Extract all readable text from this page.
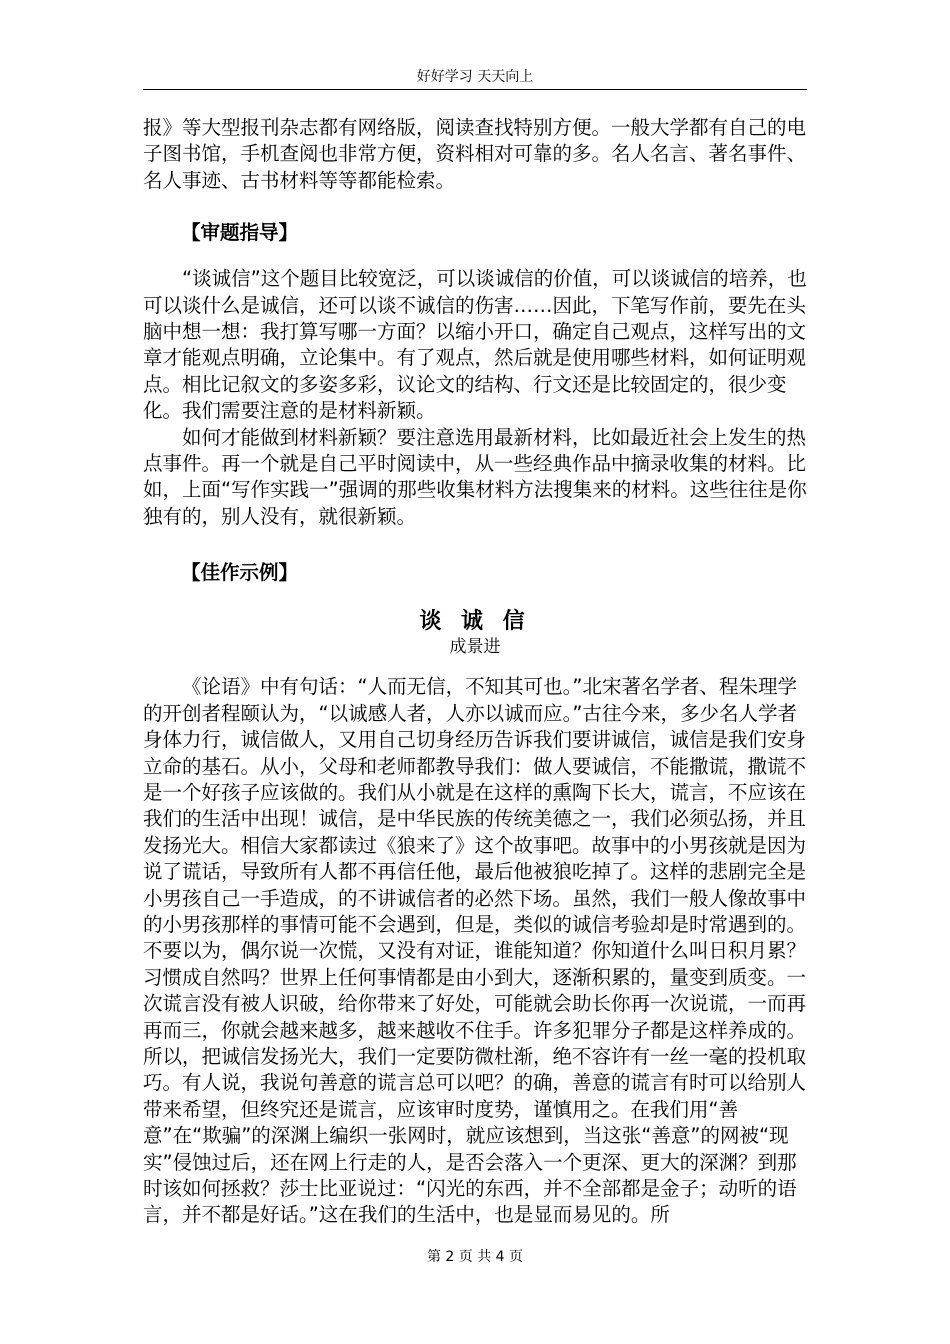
好好学习 天天向上

报》等大型报刊杂志都有网络版，阅读查找特别方便。一般大学都有自己的电子图书馆，手机查阅也非常方便，资料相对可靠的多。名人名言、著名事件、名人事迹、古书材料等等都能检索。

【审题指导】

“谈诚信”这个题目比较宽泛，可以谈诚信的价值，可以谈诚信的培养，也可以谈什么是诚信，还可以谈不诚信的伤害……因此，下笔写作前，要先在头脑中想一想：我打算写哪一方面？以缩小开口，确定自己观点，这样写出的文章才能观点明确，立论集中。有了观点，然后就是使用哪些材料，如何证明观点。相比记叙文的多姿多彩，议论文的结构、行文还是比较固定的，很少变化。我们需要注意的是材料新颖。

如何才能做到材料新颖？要注意选用最新材料，比如最近社会上发生的热点事件。再一个就是自己平时阅读中，从一些经典作品中摘录收集的材料。比如，上面“写作实践一”强调的那些收集材料方法搜集来的材料。这些往往是你独有的，别人没有，就很新颖。

【佳作示例】

谈 诚 信

成景进

《论语》中有句话：“人而无信，不知其可也。”北宋著名学者、程朱理学的开创者程颐认为，“以诚感人者，人亦以诚而应。”古往今来，多少名人学者身体力行，诚信做人，又用自己切身经历告诉我们要讲诚信，诚信是我们安身立命的基石。从小，父母和老师都教导我们：做人要诚信，不能撒谎，撒谎不是一个好孩子应该做的。我们从小就是在这样的熏陶下长大，谎言，不应该在我们的生活中出现！诚信，是中华民族的传统美德之一，我们必须弘扬，并且发扬光大。相信大家都读过《狼来了》这个故事吧。故事中的小男孩就是因为说了谎话，导致所有人都不再信任他，最后他被狼吃掉了。这样的悲剧完全是小男孩自己一手造成，的不讲诚信者的必然下场。虽然，我们一般人像故事中的小男孩那样的事情可能不会遇到，但是，类似的诚信考验却是时常遇到的。不要以为，偶尔说一次慌，又没有对证，谁能知道？你知道什么叫日积月累？习惯成自然吗？世界上任何事情都是由小到大，逐渐积累的，量变到质变。一次谎言没有被人识破，给你带来了好处，可能就会助长你再一次说谎，一而再再而三，你就会越来越多，越来越收不住手。许多犯罪分子都是这样养成的。所以，把诚信发扬光大，我们一定要防微杜渐，绝不容许有一丝一毫的投机取巧。有人说，我说句善意的谎言总可以吧？的确，善意的谎言有时可以给别人带来希望，但终究还是谎言，应该审时度势，谨慎用之。在我们用“善意”在“欺骗”的深渊上编织一张网时，就应该想到，当这张“善意”的网被“现实”侵蚀过后，还在网上行走的人，是否会落入一个更深、更大的深渊？到那时该如何拯救？莎士比亚说过：“闪光的东西，并不全部都是金子；动听的语言，并不都是好话。”这在我们的生活中，也是显而易见的。所

第 2 页 共 4 页
